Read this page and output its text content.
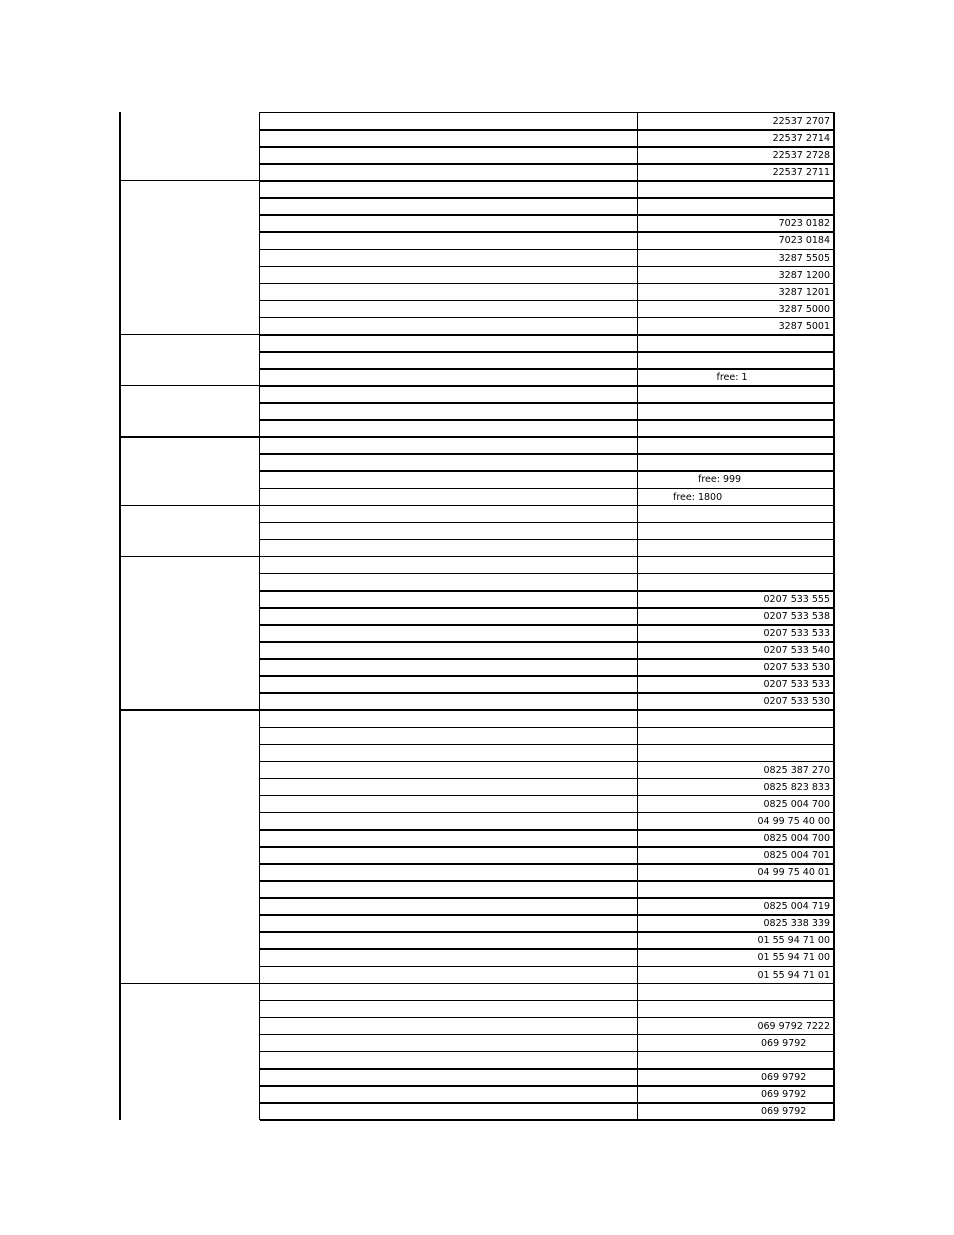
22537 2707
22537 2714
22537 2728
22537 2711
7023 0182
7023 0184
3287 5505
3287 1200
3287 1201
3287 5000
3287 5001
free: 1
free: 999
free: 1800
0207 533 555
0207 533 538
0207 533 533
0207 533 540
0207 533 530
0207 533 533
0207 533 530
0825 387 270
0825 823 833
0825 004 700
04 99 75 40 00
0825 004 700
0825 004 701
04 99 75 40 01
0825 004 719
0825 338 339
01 55 94 71 00
01 55 94 71 00
01 55 94 71 01
069 9792 7222
069 9792
069 9792
069 9792
069 9792
